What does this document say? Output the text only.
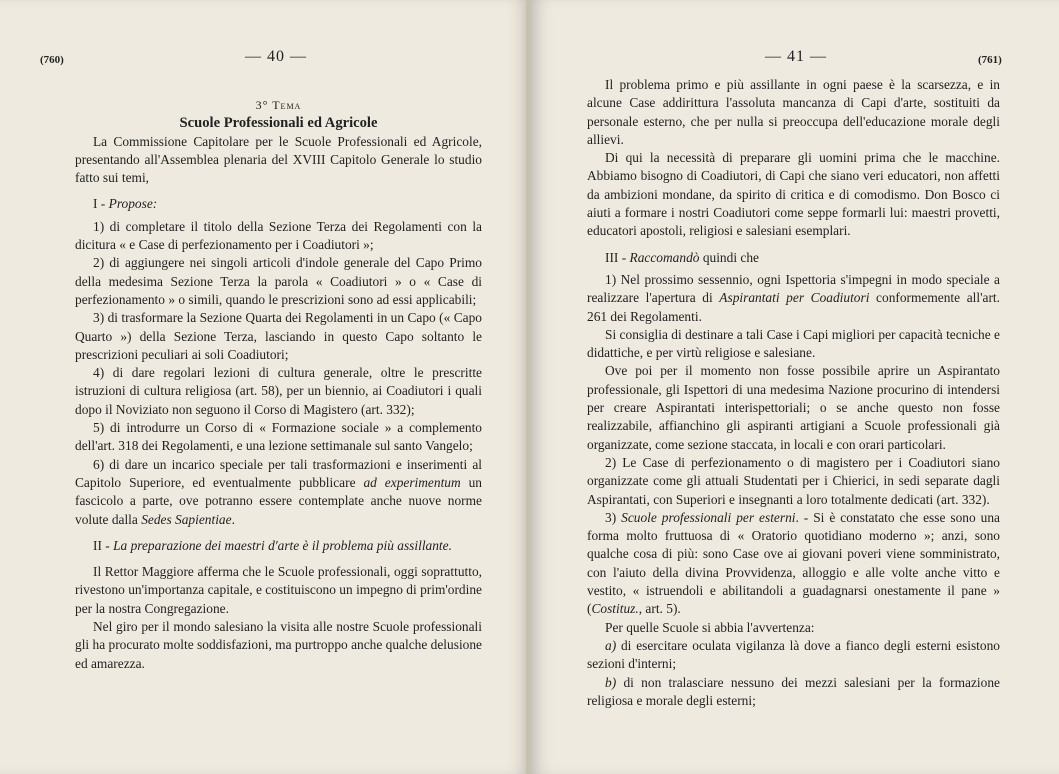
(760)	— 40 —

3° Tema

Scuole Professionali ed Agricole

La Commissione Capitolare per le Scuole Professionali ed Agricole, presentando all'Assemblea plenaria del XVIII Capitolo Generale lo studio fatto sui temi,

I - Propose:

1) di completare il titolo della Sezione Terza dei Regolamenti con la dicitura « e Case di perfezionamento per i Coadiutori »;

2) di aggiungere nei singoli articoli d'indole generale del Capo Primo della medesima Sezione Terza la parola « Coadiutori » o « Case di perfezionamento » o simili, quando le prescrizioni sono ad essi applicabili;

3) di trasformare la Sezione Quarta dei Regolamenti in un Capo (« Capo Quarto ») della Sezione Terza, lasciando in questo Capo soltanto le prescrizioni peculiari ai soli Coadiutori;

4) di dare regolari lezioni di cultura generale, oltre le prescritte istruzioni di cultura religiosa (art. 58), per un biennio, ai Coadiutori i quali dopo il Noviziato non seguono il Corso di Magistero (art. 332);

5) di introdurre un Corso di « Formazione sociale » a complemento dell'art. 318 dei Regolamenti, e una lezione settimanale sul santo Vangelo;

6) di dare un incarico speciale per tali trasformazioni e inserimenti al Capitolo Superiore, ed eventualmente pubblicare ad experimentum un fascicolo a parte, ove potranno essere contemplate anche nuove norme volute dalla Sedes Sapientiae.

II - La preparazione dei maestri d'arte è il problema più assillante.

Il Rettor Maggiore afferma che le Scuole professionali, oggi soprattutto, rivestono un'importanza capitale, e costituiscono un impegno di prim'ordine per la nostra Congregazione.

Nel giro per il mondo salesiano la visita alle nostre Scuole professionali gli ha procurato molte soddisfazioni, ma purtroppo anche qualche delusione ed amarezza.

— 41 —	(761)

Il problema primo e più assillante in ogni paese è la scarsezza, e in alcune Case addirittura l'assoluta mancanza di Capi d'arte, sostituiti da personale esterno, che per nulla si preoccupa dell'educazione morale degli allievi.

Di qui la necessità di preparare gli uomini prima che le macchine. Abbiamo bisogno di Coadiutori, di Capi che siano veri educatori, non affetti da ambizioni mondane, da spirito di critica e di comodismo. Don Bosco ci aiuti a formare i nostri Coadiutori come seppe formarli lui: maestri provetti, educatori apostoli, religiosi e salesiani esemplari.

III - Raccomandò quindi che

1) Nel prossimo sessennio, ogni Ispettoria s'impegni in modo speciale a realizzare l'apertura di Aspirantati per Coadiutori conformemente all'art. 261 dei Regolamenti.

Si consiglia di destinare a tali Case i Capi migliori per capacità tecniche e didattiche, e per virtù religiose e salesiane.

Ove poi per il momento non fosse possibile aprire un Aspirantato professionale, gli Ispettori di una medesima Nazione procurino di intendersi per creare Aspirantati interispettoriali; o se anche questo non fosse realizzabile, affianchino gli aspiranti artigiani a Scuole professionali già organizzate, come sezione staccata, in locali e con orari particolari.

2) Le Case di perfezionamento o di magistero per i Coadiutori siano organizzate come gli attuali Studentati per i Chierici, in sedi separate dagli Aspirantati, con Superiori e insegnanti a loro totalmente dedicati (art. 332).

3) Scuole professionali per esterni. - Si è constatato che esse sono una forma molto fruttuosa di « Oratorio quotidiano moderno »; anzi, sono qualche cosa di più: sono Case ove ai giovani poveri viene somministrato, con l'aiuto della divina Provvidenza, alloggio e alle volte anche vitto e vestito, « istruendoli e abilitandoli a guadagnarsi onestamente il pane » (Costituz., art. 5).

Per quelle Scuole si abbia l'avvertenza:

a) di esercitare oculata vigilanza là dove a fianco degli esterni esistono sezioni d'interni;

b) di non tralasciare nessuno dei mezzi salesiani per la formazione religiosa e morale degli esterni;
